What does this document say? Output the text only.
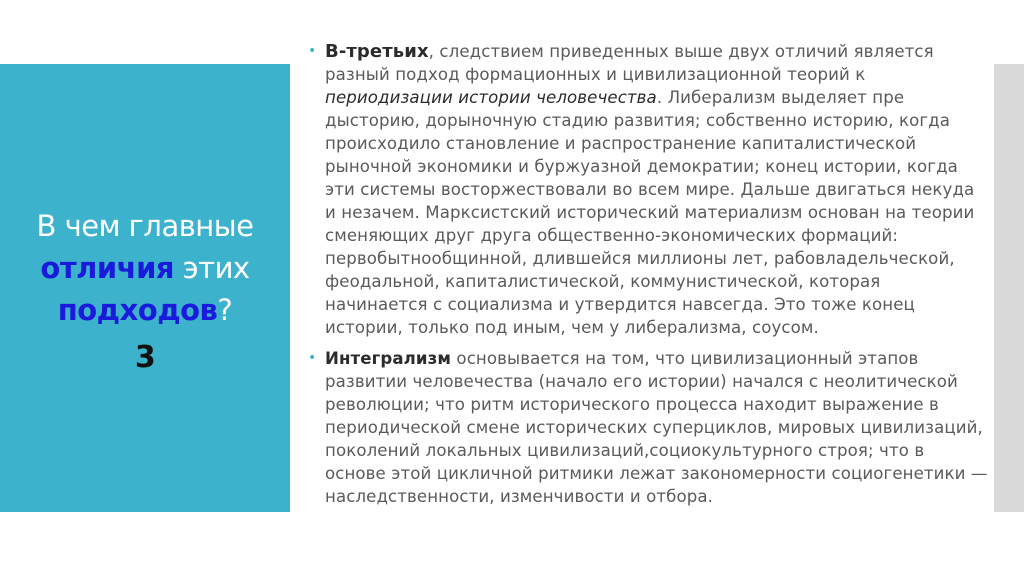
В чем главные
отличия этих
подходов?
3
• В-третьих, следствием приведенных выше двух отличий является разный подход формационных и цивилизационной теорий к периодизации истории человечества. Либерализм выделяет пре дысторию, дорыночную стадию развития; собственно историю, когда происходило становление и распространение капиталистической рыночной экономики и буржуазной демократии; конец истории, когда эти системы восторжествовали во всем мире. Дальше двигаться некуда и незачем. Марксистский исторический материализм основан на теории сменяющих друг друга общественно-экономических формаций: первобытнообщинной, длившейся миллионы лет, рабовладельческой, феодальной, капиталистической, коммунистической, которая начинается с социализма и утвердится навсегда. Это тоже конец истории, только под иным, чем у либерализма, соусом.
• Интегрализм основывается на том, что цивилизационный этапов развитии человечества (начало его истории) начался с неолитической революции; что ритм исторического процесса находит выражение в периодической смене исторических суперциклов, мировых цивилизаций, поколений локальных цивилизаций,социокультурного строя; что в основе этой цикличной ритмики лежат закономерности социогенетики — наследственности, изменчивости и отбора.
